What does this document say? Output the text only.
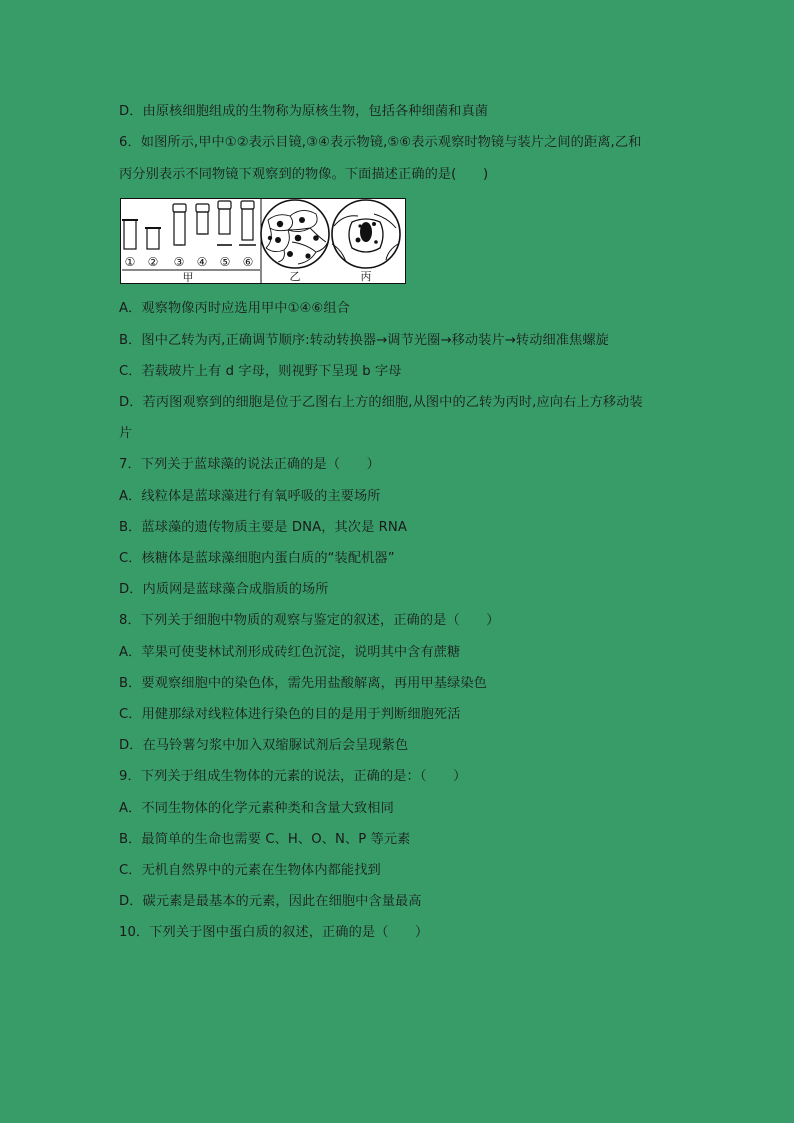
D．由原核细胞组成的生物称为原核生物，包括各种细菌和真菌
6．如图所示,甲中①②表示目镜,③④表示物镜,⑤⑥表示观察时物镜与装片之间的距离,乙和
丙分别表示不同物镜下观察到的物像。下面描述正确的是(　　)
① ② ③ ④ ⑤ ⑥
甲	乙	丙
A．观察物像丙时应选用甲中①④⑥组合
B．图中乙转为丙,正确调节顺序:转动转换器→调节光圈→移动装片→转动细准焦螺旋
C．若载玻片上有 d 字母，则视野下呈现 b 字母
D．若丙图观察到的细胞是位于乙图右上方的细胞,从图中的乙转为丙时,应向右上方移动装
片
7．下列关于蓝球藻的说法正确的是（　　）
A．线粒体是蓝球藻进行有氧呼吸的主要场所
B．蓝球藻的遗传物质主要是 DNA，其次是 RNA
C．核糖体是蓝球藻细胞内蛋白质的“装配机器”
D．内质网是蓝球藻合成脂质的场所
8．下列关于细胞中物质的观察与鉴定的叙述，正确的是（　　）
A．苹果可使斐林试剂形成砖红色沉淀，说明其中含有蔗糖
B．要观察细胞中的染色体，需先用盐酸解离，再用甲基绿染色
C．用健那绿对线粒体进行染色的目的是用于判断细胞死活
D．在马铃薯匀浆中加入双缩脲试剂后会呈现紫色
9．下列关于组成生物体的元素的说法，正确的是：（　　）
A．不同生物体的化学元素种类和含量大致相同
B．最简单的生命也需要 C、H、O、N、P 等元素
C．无机自然界中的元素在生物体内都能找到
D．碳元素是最基本的元素，因此在细胞中含量最高
10．下列关于图中蛋白质的叙述，正确的是（　　）
